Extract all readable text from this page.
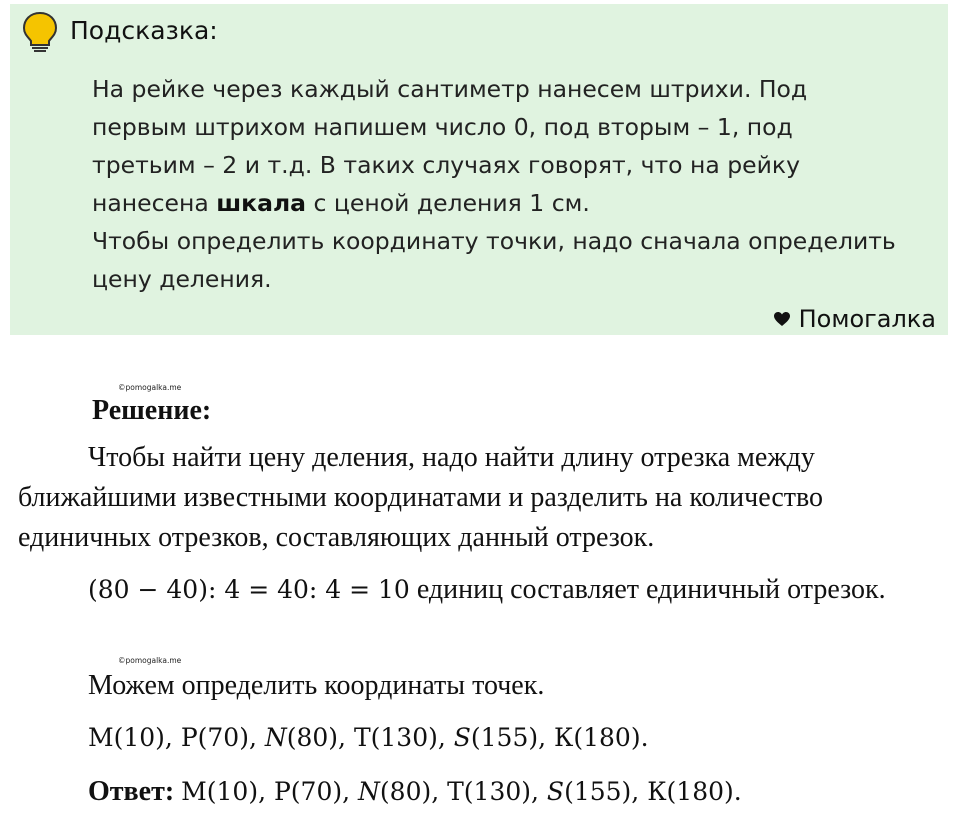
Подсказка:

На рейке через каждый сантиметр нанесем штрихи. Под

первым штрихом напишем число 0, под вторым – 1, под

третьим – 2 и т.д. В таких случаях говорят, что на рейку

нанесена шкала с ценой деления 1 см.

Чтобы определить координату точки, надо сначала определить

цену деления.

Помогалка
©pomogalka.me
Решение:

Чтобы найти цену деления, надо найти длину отрезка между ближайшими известными координатами и разделить на количество единичных отрезков, составляющих данный отрезок.

(80 − 40): 4 = 40: 4 = 10 единиц составляет единичный отрезок.

©pomogalka.me

Можем определить координаты точек.

М(10), Р(70), N(80), Т(130), S(155), К(180).
Ответ: М(10), Р(70), N(80), Т(130), S(155), К(180).
